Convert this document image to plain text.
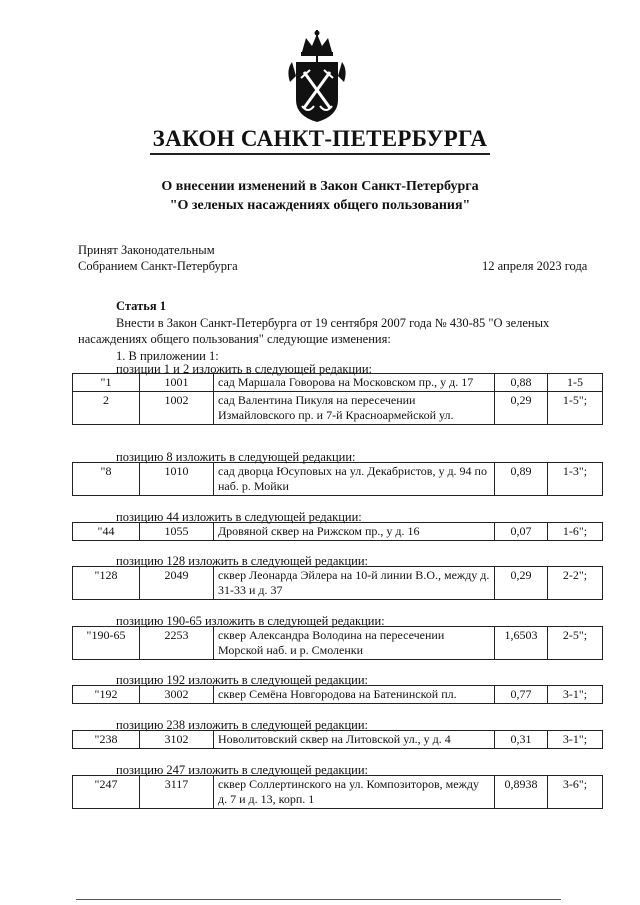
ЗАКОН САНКТ-ПЕТЕРБУРГА
О внесении изменений в Закон Санкт-Петербурга
"О зеленых насаждениях общего пользования"
Принят Законодательным
Собранием Санкт-Петербурга	12 апреля 2023 года
Статья 1
Внести в Закон Санкт-Петербурга от 19 сентября 2007 года № 430-85 "О зеленых насаждениях общего пользования" следующие изменения:
1. В приложении 1:
позиции 1 и 2 изложить в следующей редакции:
"1	1001	сад Маршала Говорова на Московском пр., у д. 17	0,88	1-5
2	1002	сад Валентина Пикуля на пересечении Измайловского пр. и 7-й Красноармейской ул.	0,29	1-5";
позицию 8 изложить в следующей редакции:
"8	1010	сад дворца Юсуповых на ул. Декабристов, у д. 94 по наб. р. Мойки	0,89	1-3";
позицию 44 изложить в следующей редакции:
"44	1055	Дровяной сквер на Рижском пр., у д. 16	0,07	1-6";
позицию 128 изложить в следующей редакции:
"128	2049	сквер Леонарда Эйлера на 10-й линии В.О., между д. 31-33 и д. 37	0,29	2-2";
позицию 190-65 изложить в следующей редакции:
"190-65	2253	сквер Александра Володина на пересечении Морской наб. и р. Смоленки	1,6503	2-5";
позицию 192 изложить в следующей редакции:
"192	3002	сквер Семёна Новгородова на Батенинской пл.	0,77	3-1";
позицию 238 изложить в следующей редакции:
"238	3102	Новолитовский сквер на Литовской ул., у д. 4	0,31	3-1";
позицию 247 изложить в следующей редакции:
"247	3117	сквер Соллертинского на ул. Композиторов, между д. 7 и д. 13, корп. 1	0,8938	3-6";
